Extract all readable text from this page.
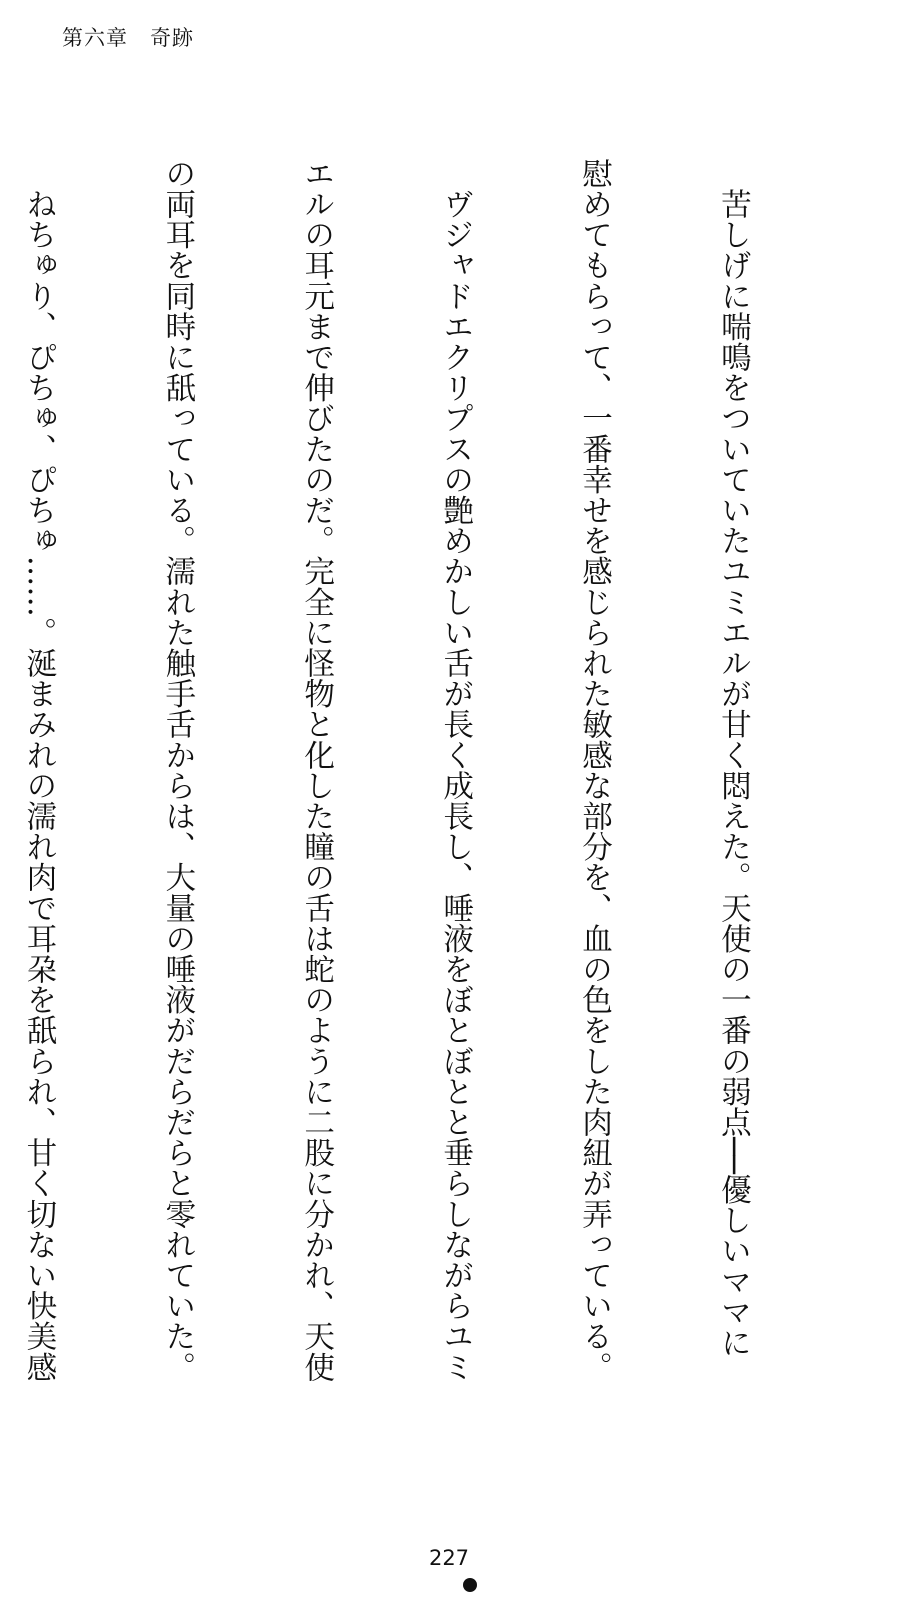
第六章　奇跡

　苦しげに喘鳴をついていたユミエルが甘く悶えた。天使の一番の弱点──優しいママに

慰めてもらって、一番幸せを感じられた敏感な部分を、血の色をした肉紐が弄っている。

　ヴジャドエクリプスの艶めかしい舌が長く成長し、唾液をぼとぼとと垂らしながらユミ

エルの耳元まで伸びたのだ。完全に怪物と化した瞳の舌は蛇のように二股に分かれ、天使

の両耳を同時に舐っている。濡れた触手舌からは、大量の唾液がだらだらと零れていた。

　ねちゅり、ぴちゅ、ぴちゅ……。涎まみれの濡れ肉で耳朶を舐られ、甘く切ない快美感

227
